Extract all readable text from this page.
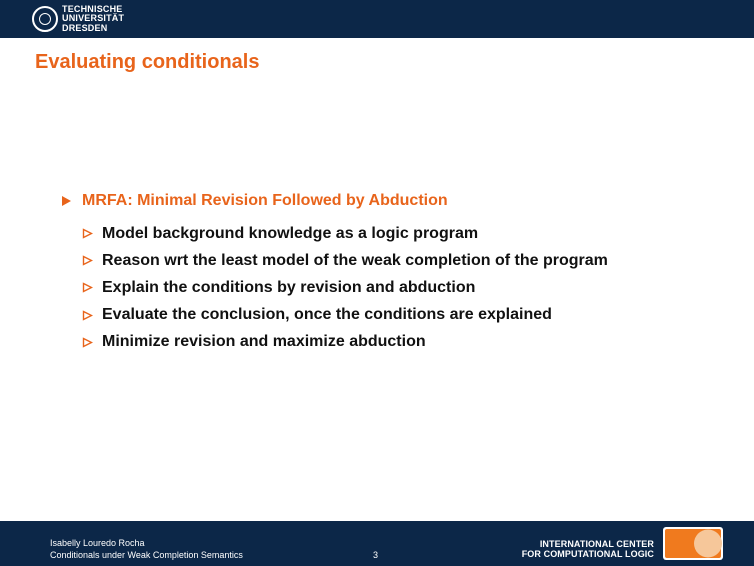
TECHNISCHE
UNIVERSITÄT
DRESDEN
Evaluating conditionals
MRFA: Minimal Revision Followed by Abduction
Model background knowledge as a logic program
Reason wrt the least model of the weak completion of the program
Explain the conditions by revision and abduction
Evaluate the conclusion, once the conditions are explained
Minimize revision and maximize abduction
Isabelly Louredo Rocha
Conditionals under Weak Completion Semantics	3
INTERNATIONAL CENTER
FOR COMPUTATIONAL LOGIC
